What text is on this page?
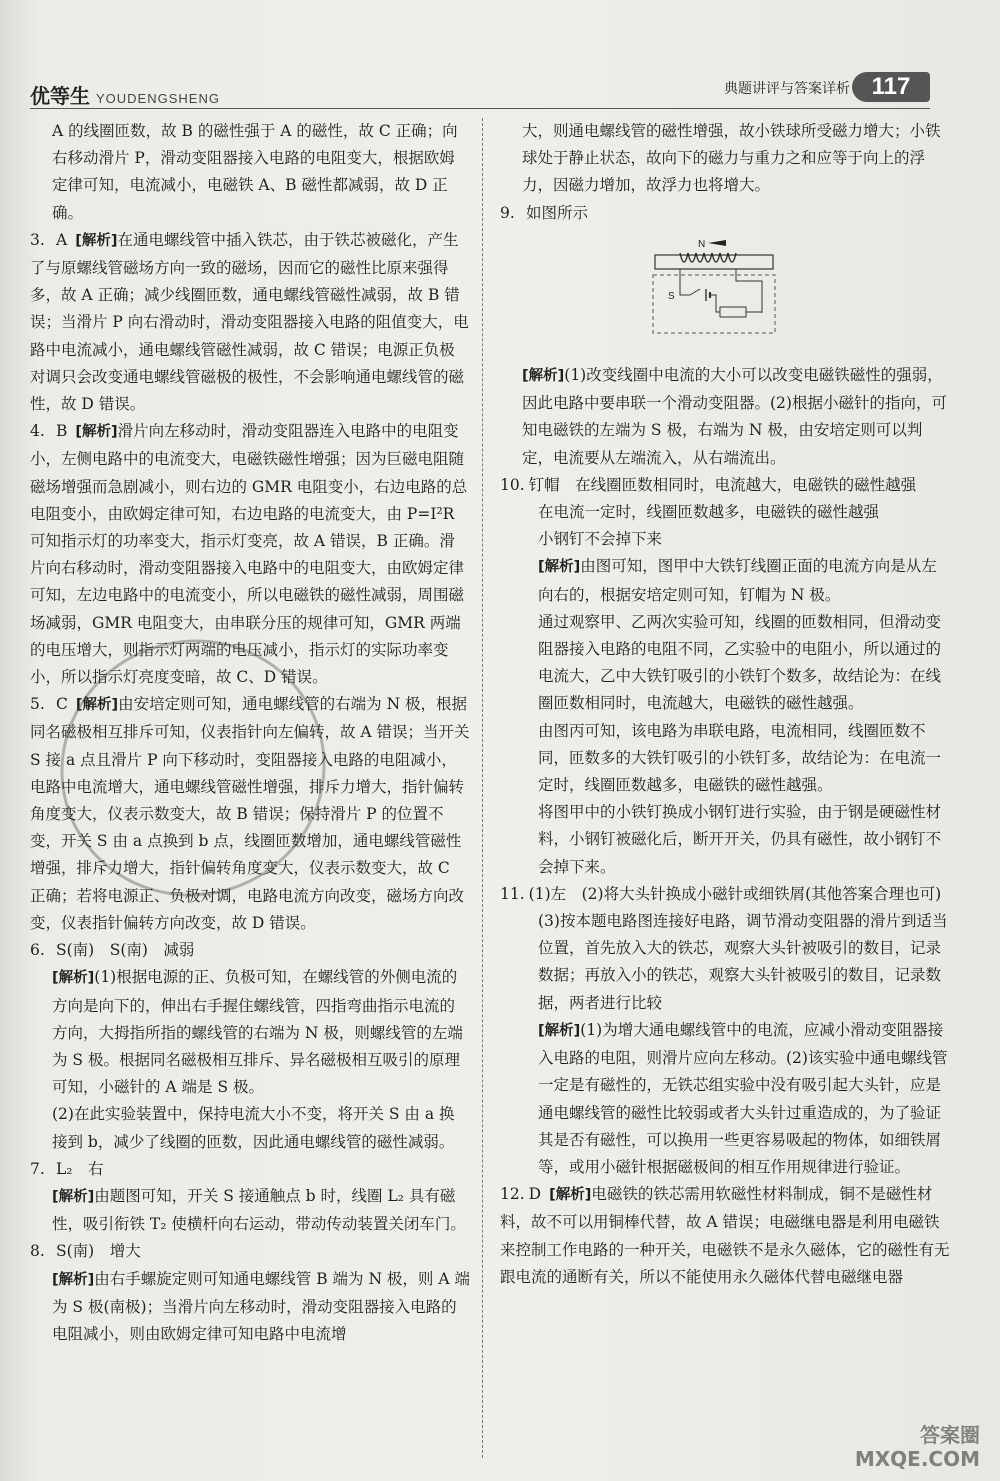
优等生 YOUDENGSHENG
典题讲评与答案详析 117

A 的线圈匝数，故 B 的磁性强于 A 的磁性，故 C 正确；向右移动滑片 P，滑动变阻器接入电路的电阻变大，根据欧姆定律可知，电流减小，电磁铁 A、B 磁性都减弱，故 D 正确。

3. A [解析]在通电螺线管中插入铁芯，由于铁芯被磁化，产生了与原螺线管磁场方向一致的磁场，因而它的磁性比原来强得多，故 A 正确；减少线圈匝数，通电螺线管磁性减弱，故 B 错误；当滑片 P 向右滑动时，滑动变阻器接入电路的阻值变大，电路中电流减小，通电螺线管磁性减弱，故 C 错误；电源正负极对调只会改变通电螺线管磁极的极性，不会影响通电螺线管的磁性，故 D 错误。
4. B [解析]滑片向左移动时，滑动变阻器连入电路中的电阻变小，左侧电路中的电流变大，电磁铁磁性增强；因为巨磁电阻随磁场增强而急剧减小，则右边的 GMR 电阻变小，右边电路的总电阻变小，由欧姆定律可知，右边电路的电流变大，由 P=I²R 可知指示灯的功率变大，指示灯变亮，故 A 错误，B 正确。滑片向右移动时，滑动变阻器接入电路中的电阻变大，由欧姆定律可知，左边电路中的电流变小，所以电磁铁的磁性减弱，周围磁场减弱，GMR 电阻变大，由串联分压的规律可知，GMR 两端的电压增大，则指示灯两端的电压减小，指示灯的实际功率变小，所以指示灯亮度变暗，故 C、D 错误。
5. C [解析]由安培定则可知，通电螺线管的右端为 N 极，根据同名磁极相互排斥可知，仪表指针向左偏转，故 A 错误；当开关 S 接 a 点且滑片 P 向下移动时，变阻器接入电路的电阻减小，电路中电流增大，通电螺线管磁性增强，排斥力增大，指针偏转角度变大，仪表示数变大，故 B 错误；保持滑片 P 的位置不变，开关 S 由 a 点换到 b 点，线圈匝数增加，通电螺线管磁性增强，排斥力增大，指针偏转角度变大，仪表示数变大，故 C 正确；若将电源正、负极对调，电路电流方向改变，磁场方向改变，仪表指针偏转方向改变，故 D 错误。

6. S(南)　S(南)　减弱

[解析](1)根据电源的正、负极可知，在螺线管的外侧电流的方向是向下的，伸出右手握住螺线管，四指弯曲指示电流的方向，大拇指所指的螺线管的右端为 N 极，则螺线管的左端为 S 极。根据同名磁极相互排斥、异名磁极相互吸引的原理可知，小磁针的 A 端是 S 极。

(2)在此实验装置中，保持电流大小不变，将开关 S 由 a 换接到 b，减少了线圈的匝数，因此通电螺线管的磁性减弱。

7. L₂　右

[解析]由题图可知，开关 S 接通触点 b 时，线圈 L₂ 具有磁性，吸引衔铁 T₂ 使横杆向右运动，带动传动装置关闭车门。

8. S(南)　增大

[解析]由右手螺旋定则可知通电螺线管 B 端为 N 极，则 A 端为 S 极(南极)；当滑片向左移动时，滑动变阻器接入电路的电阻减小，则由欧姆定律可知电路中电流增

大，则通电螺线管的磁性增强，故小铁球所受磁力增大；小铁球处于静止状态，故向下的磁力与重力之和应等于向上的浮力，因磁力增加，故浮力也将增大。

9. 如图所示

N
S

[解析](1)改变线圈中电流的大小可以改变电磁铁磁性的强弱，因此电路中要串联一个滑动变阻器。(2)根据小磁针的指向，可知电磁铁的左端为 S 极，右端为 N 极，由安培定则可以判定，电流要从左端流入，从右端流出。

10. 钉帽　在线圈匝数相同时，电流越大，电磁铁的磁性越强

在电流一定时，线圈匝数越多，电磁铁的磁性越强

小钢钉不会掉下来

[解析]由图可知，图甲中大铁钉线圈正面的电流方向是从左向右的，根据安培定则可知，钉帽为 N 极。

通过观察甲、乙两次实验可知，线圈的匝数相同，但滑动变阻器接入电路的电阻不同，乙实验中的电阻小，所以通过的电流大，乙中大铁钉吸引的小铁钉个数多，故结论为：在线圈匝数相同时，电流越大，电磁铁的磁性越强。

由图丙可知，该电路为串联电路，电流相同，线圈匝数不同，匝数多的大铁钉吸引的小铁钉多，故结论为：在电流一定时，线圈匝数越多，电磁铁的磁性越强。

将图甲中的小铁钉换成小钢钉进行实验，由于钢是硬磁性材料，小钢钉被磁化后，断开开关，仍具有磁性，故小钢钉不会掉下来。

11. (1)左　(2)将大头针换成小磁针或细铁屑(其他答案合理也可)

(3)按本题电路图连接好电路，调节滑动变阻器的滑片到适当位置，首先放入大的铁芯，观察大头针被吸引的数目，记录数据；再放入小的铁芯，观察大头针被吸引的数目，记录数据，两者进行比较

[解析](1)为增大通电螺线管中的电流，应减小滑动变阻器接入电路的电阻，则滑片应向左移动。(2)该实验中通电螺线管一定是有磁性的，无铁芯组实验中没有吸引起大头针，应是通电螺线管的磁性比较弱或者大头针过重造成的，为了验证其是否有磁性，可以换用一些更容易吸起的物体，如细铁屑等，或用小磁针根据磁极间的相互作用规律进行验证。

12. D [解析]电磁铁的铁芯需用软磁性材料制成，铜不是磁性材料，故不可以用铜棒代替，故 A 错误；电磁继电器是利用电磁铁来控制工作电路的一种开关，电磁铁不是永久磁体，它的磁性有无跟电流的通断有关，所以不能使用永久磁体代替电磁继电器
答案圈
MXQE.COM
